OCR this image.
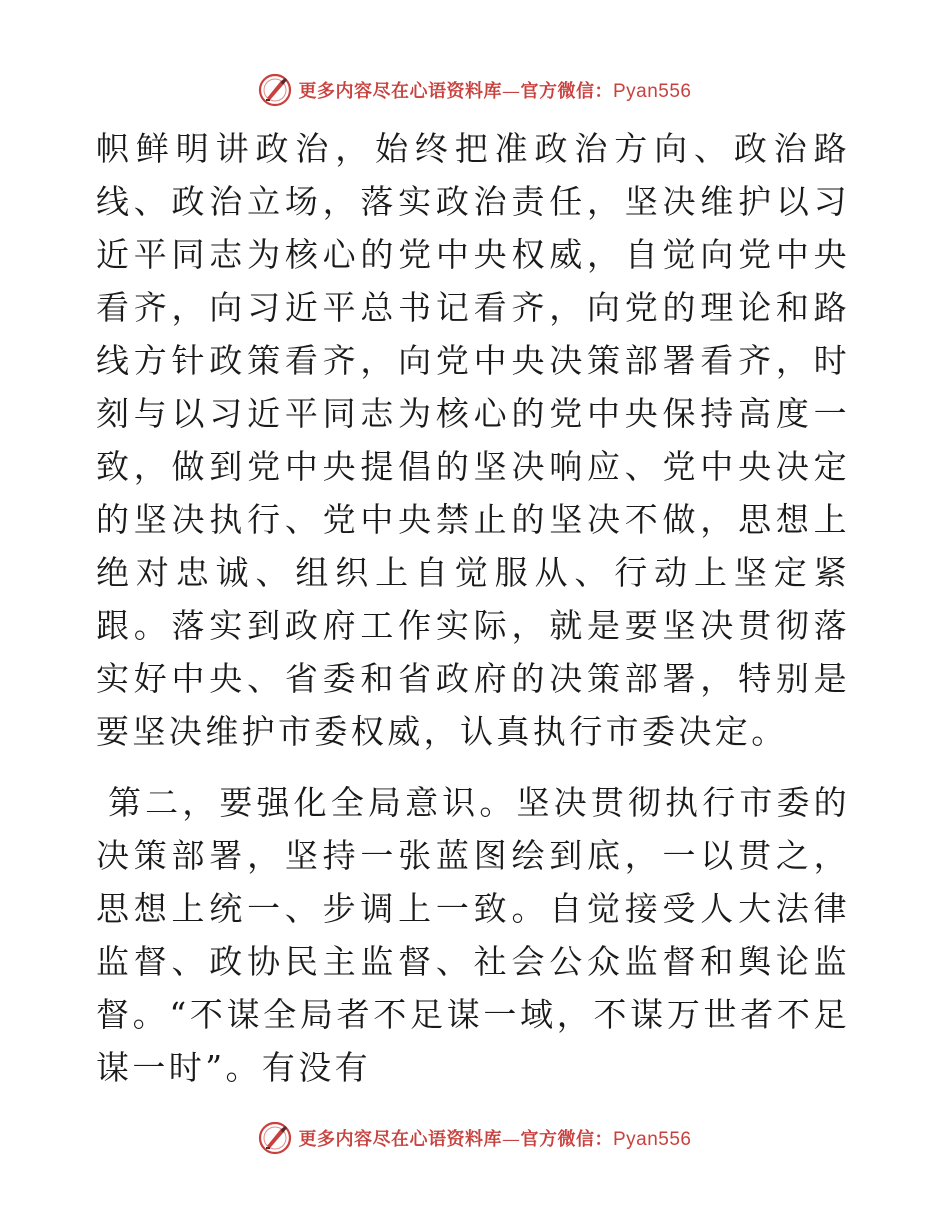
更多内容尽在心语资料库—官方微信：Pyan556

帜鲜明讲政治，始终把准政治方向、政治路线、政治立场，落实政治责任，坚决维护以习近平同志为核心的党中央权威，自觉向党中央看齐，向习近平总书记看齐，向党的理论和路线方针政策看齐，向党中央决策部署看齐，时刻与以习近平同志为核心的党中央保持高度一致，做到党中央提倡的坚决响应、党中央决定的坚决执行、党中央禁止的坚决不做，思想上绝对忠诚、组织上自觉服从、行动上坚定紧跟。落实到政府工作实际，就是要坚决贯彻落实好中央、省委和省政府的决策部署，特别是要坚决维护市委权威，认真执行市委决定。

第二，要强化全局意识。坚决贯彻执行市委的决策部署，坚持一张蓝图绘到底，一以贯之，思想上统一、步调上一致。自觉接受人大法律监督、政协民主监督、社会公众监督和舆论监督。“不谋全局者不足谋一域，不谋万世者不足谋一时”。有没有

更多内容尽在心语资料库—官方微信：Pyan556
